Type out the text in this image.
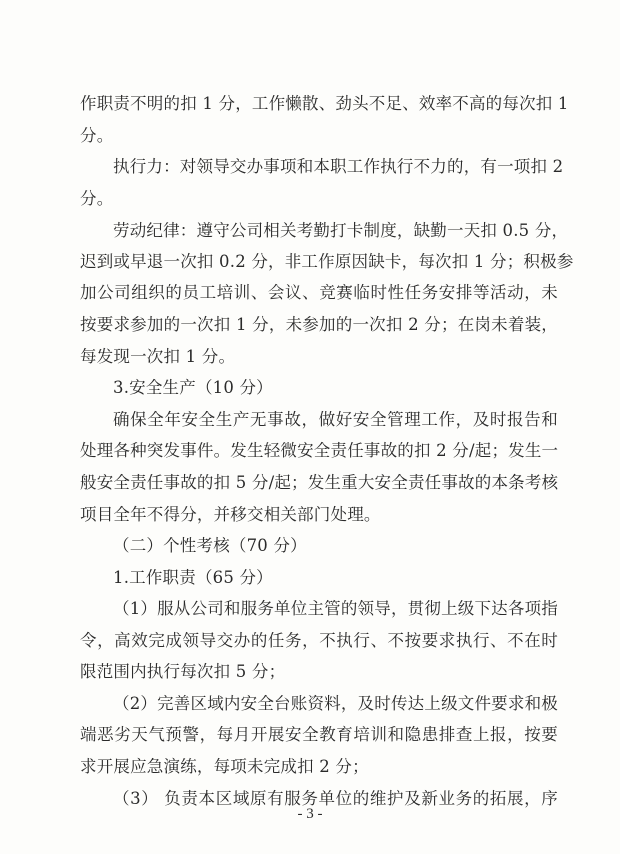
作职责不明的扣 1 分，工作懒散、劲头不足、效率不高的每次扣 1
分。
执行力：对领导交办事项和本职工作执行不力的，有一项扣 2
分。
劳动纪律：遵守公司相关考勤打卡制度，缺勤一天扣 0.5 分，
迟到或早退一次扣 0.2 分，非工作原因缺卡，每次扣 1 分；积极参
加公司组织的员工培训、会议、竞赛临时性任务安排等活动，未
按要求参加的一次扣 1 分，未参加的一次扣 2 分；在岗未着装，
每发现一次扣 1 分。
3.安全生产（10 分）
确保全年安全生产无事故，做好安全管理工作，及时报告和
处理各种突发事件。发生轻微安全责任事故的扣 2 分/起；发生一
般安全责任事故的扣 5 分/起；发生重大安全责任事故的本条考核
项目全年不得分，并移交相关部门处理。
（二）个性考核（70 分）
1.工作职责（65 分）
（1）服从公司和服务单位主管的领导，贯彻上级下达各项指
令，高效完成领导交办的任务，不执行、不按要求执行、不在时
限范围内执行每次扣 5 分；
（2）完善区域内安全台账资料，及时传达上级文件要求和极
端恶劣天气预警，每月开展安全教育培训和隐患排查上报，按要
求开展应急演练，每项未完成扣 2 分；
（3） 负责本区域原有服务单位的维护及新业务的拓展，序
- 3 -
